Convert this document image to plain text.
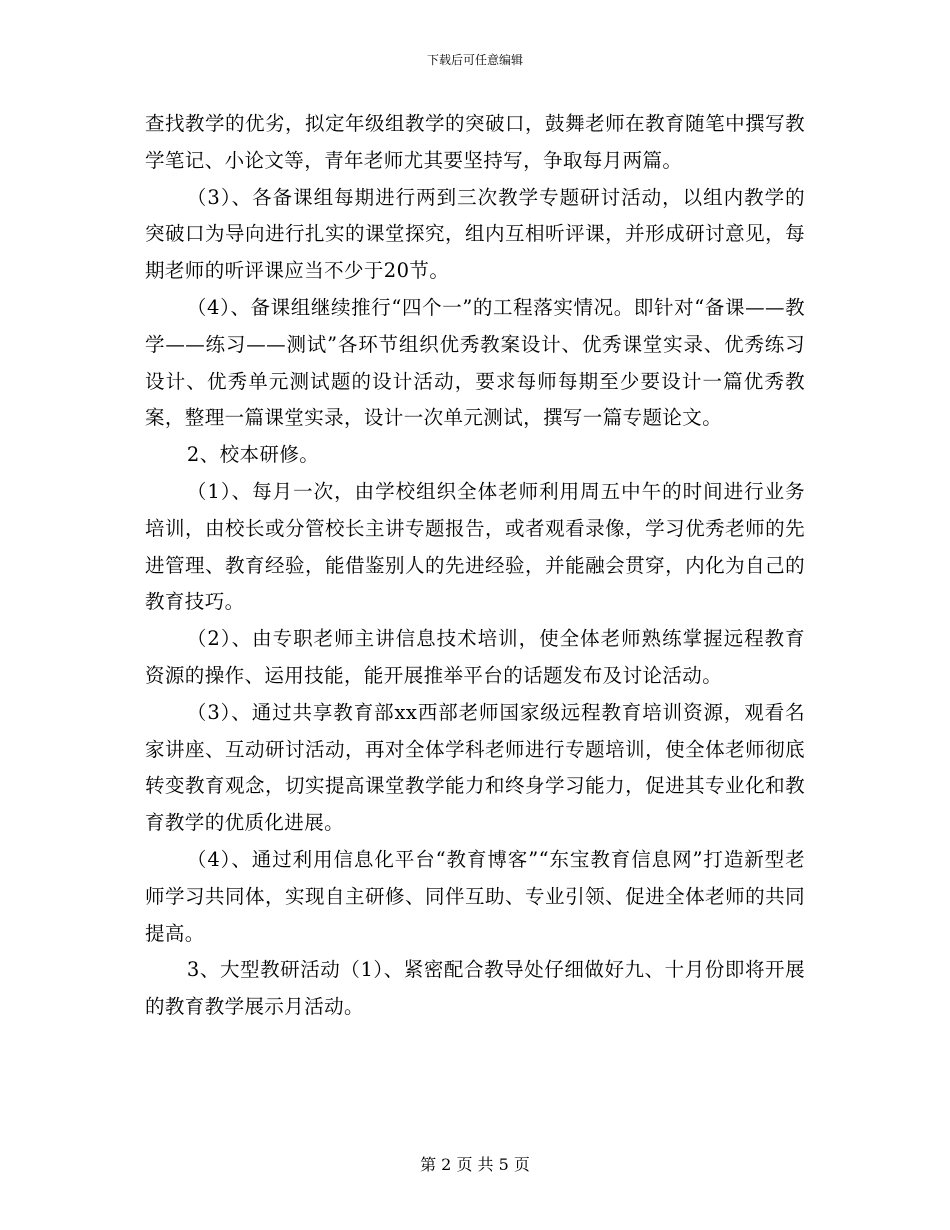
下载后可任意编辑

查找教学的优劣，拟定年级组教学的突破口，鼓舞老师在教育随笔中撰写教学笔记、小论文等，青年老师尤其要坚持写，争取每月两篇。

（3）、各备课组每期进行两到三次教学专题研讨活动，以组内教学的突破口为导向进行扎实的课堂探究，组内互相听评课，并形成研讨意见，每期老师的听评课应当不少于20节。

（4）、备课组继续推行“四个一”的工程落实情况。即针对“备课——教学——练习——测试”各环节组织优秀教案设计、优秀课堂实录、优秀练习设计、优秀单元测试题的设计活动，要求每师每期至少要设计一篇优秀教案，整理一篇课堂实录，设计一次单元测试，撰写一篇专题论文。

2、校本研修。

（1）、每月一次，由学校组织全体老师利用周五中午的时间进行业务培训，由校长或分管校长主讲专题报告，或者观看录像，学习优秀老师的先进管理、教育经验，能借鉴别人的先进经验，并能融会贯穿，内化为自己的教育技巧。

（2）、由专职老师主讲信息技术培训，使全体老师熟练掌握远程教育资源的操作、运用技能，能开展推举平台的话题发布及讨论活动。

（3）、通过共享教育部xx西部老师国家级远程教育培训资源，观看名家讲座、互动研讨活动，再对全体学科老师进行专题培训，使全体老师彻底转变教育观念，切实提高课堂教学能力和终身学习能力，促进其专业化和教育教学的优质化进展。

（4）、通过利用信息化平台“教育博客”“东宝教育信息网”打造新型老师学习共同体，实现自主研修、同伴互助、专业引领、促进全体老师的共同提高。

3、大型教研活动（1）、紧密配合教导处仔细做好九、十月份即将开展的教育教学展示月活动。

第 2 页 共 5 页
